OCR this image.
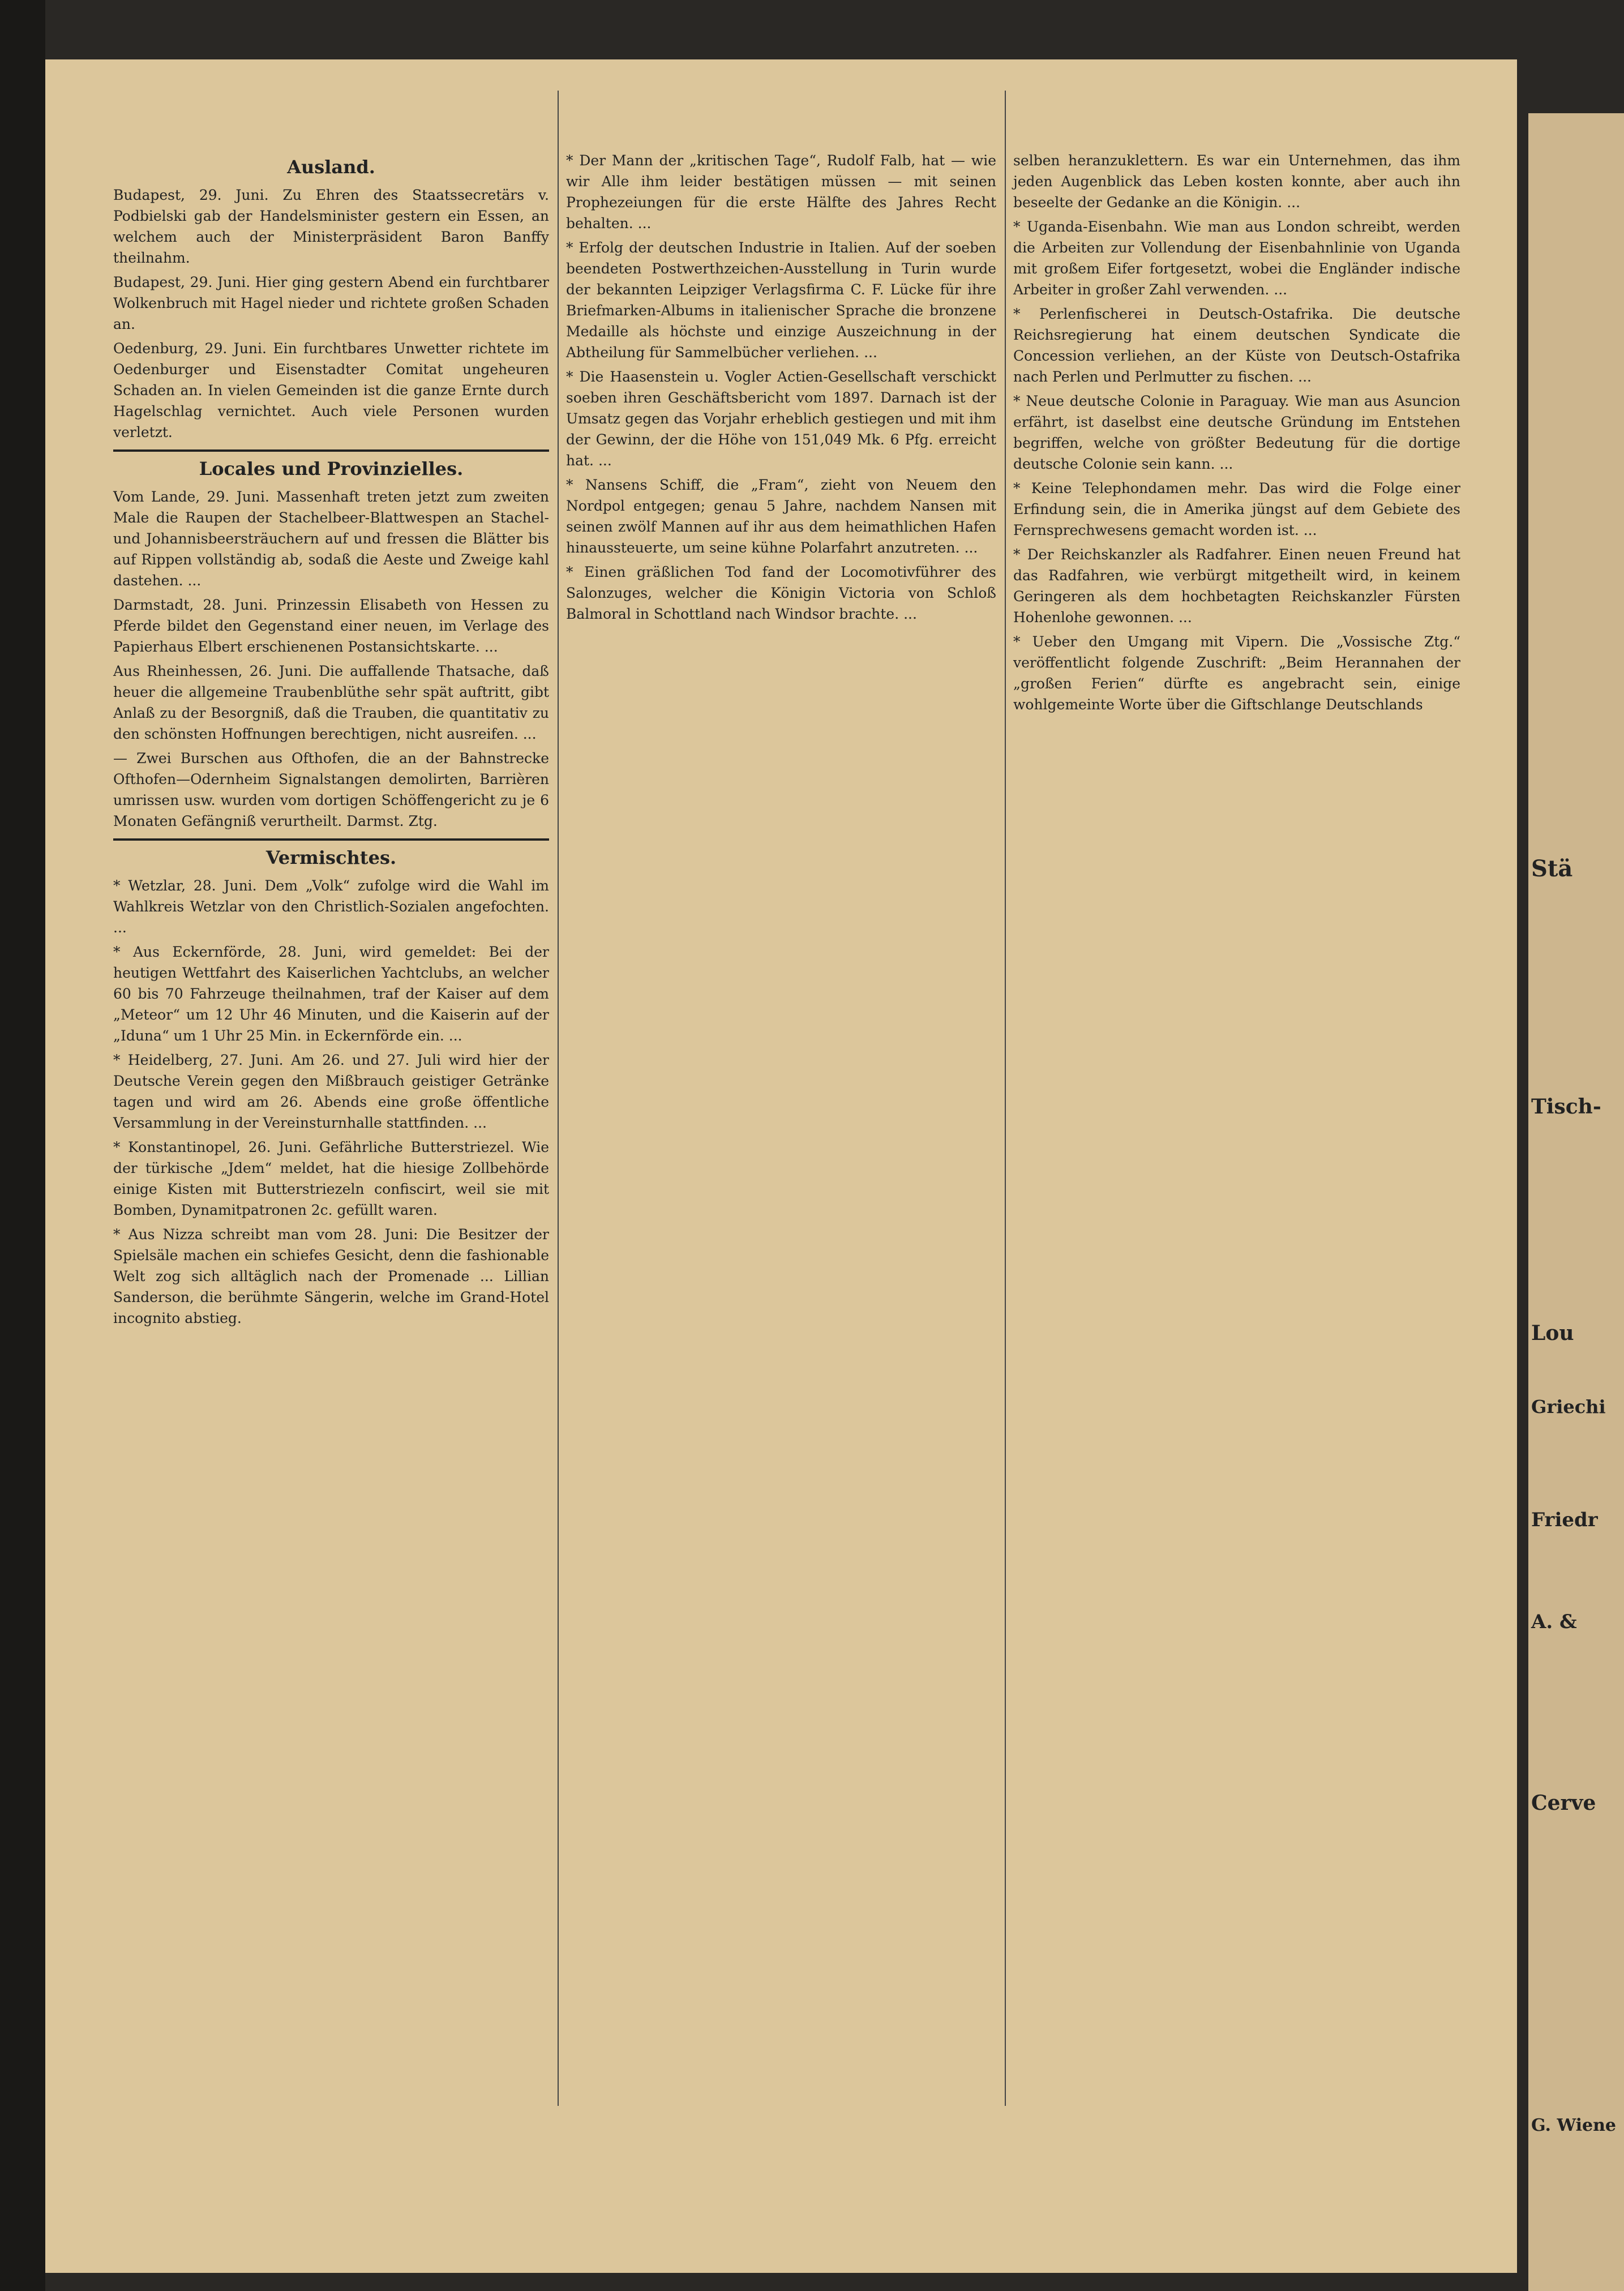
Ausland.

Budapest, 29. Juni. Zu Ehren des Staatssecretärs v. Podbielski gab der Handelsminister gestern ein Essen, an welchem auch der Ministerpräsident Baron Banffy theilnahm.

Budapest, 29. Juni. Hier ging gestern Abend ein furchtbarer Wolkenbruch mit Hagel nieder und richtete großen Schaden an.

Oedenburg, 29. Juni. Ein furchtbares Unwetter richtete im Oedenburger und Eisenstadter Comitat ungeheuren Schaden an. In vielen Gemeinden ist die ganze Ernte durch Hagelschlag vernichtet. Auch viele Personen wurden verletzt.

Locales und Provinzielles.

Vom Lande, 29. Juni. Massenhaft treten jetzt zum zweiten Male die Raupen der Stachelbeer-Blattwespen an Stachel- und Johannisbeersträuchern auf und fressen die Blätter bis auf Rippen vollständig ab, sodaß die Aeste und Zweige kahl dastehen. ...

Darmstadt, 28. Juni. Prinzessin Elisabeth von Hessen zu Pferde bildet den Gegenstand einer neuen, im Verlage des Papierhaus Elbert erschienenen Postansichtskarte. ...

Aus Rheinhessen, 26. Juni. Die auffallende Thatsache, daß heuer die allgemeine Traubenblüthe sehr spät auftritt, gibt Anlaß zu der Besorgniß, daß die Trauben, die quantitativ zu den schönsten Hoffnungen berechtigen, nicht ausreifen. ...

— Zwei Burschen aus Ofthofen, die an der Bahnstrecke Ofthofen—Odernheim Signalstangen demolirten, Barrièren umrissen usw. wurden vom dortigen Schöffengericht zu je 6 Monaten Gefängniß verurtheilt. Darmst. Ztg.

Vermischtes.

* Wetzlar, 28. Juni. Dem „Volk“ zufolge wird die Wahl im Wahlkreis Wetzlar von den Christlich-Sozialen angefochten. ...

* Aus Eckernförde, 28. Juni, wird gemeldet: Bei der heutigen Wettfahrt des Kaiserlichen Yachtclubs, an welcher 60 bis 70 Fahrzeuge theilnahmen, traf der Kaiser auf dem „Meteor“ um 12 Uhr 46 Minuten, und die Kaiserin auf der „Iduna“ um 1 Uhr 25 Min. in Eckernförde ein. ...

* Heidelberg, 27. Juni. Am 26. und 27. Juli wird hier der Deutsche Verein gegen den Mißbrauch geistiger Getränke tagen und wird am 26. Abends eine große öffentliche Versammlung in der Vereinsturnhalle stattfinden. ...

* Konstantinopel, 26. Juni. Gefährliche Butterstriezel. Wie der türkische „Jdem“ meldet, hat die hiesige Zollbehörde einige Kisten mit Butterstriezeln confiscirt, weil sie mit Bomben, Dynamitpatronen 2c. gefüllt waren.

* Aus Nizza schreibt man vom 28. Juni: Die Besitzer der Spielsäle machen ein schiefes Gesicht, denn die fashionable Welt zog sich alltäglich nach der Promenade ... Lillian Sanderson, die berühmte Sängerin, welche im Grand-Hotel incognito abstieg.

* Der Mann der „kritischen Tage“, Rudolf Falb, hat — wie wir Alle ihm leider bestätigen müssen — mit seinen Prophezeiungen für die erste Hälfte des Jahres Recht behalten. ...

* Erfolg der deutschen Industrie in Italien. Auf der soeben beendeten Postwerthzeichen-Ausstellung in Turin wurde der bekannten Leipziger Verlagsfirma C. F. Lücke für ihre Briefmarken-Albums in italienischer Sprache die bronzene Medaille als höchste und einzige Auszeichnung in der Abtheilung für Sammelbücher verliehen. ...

* Die Haasenstein u. Vogler Actien-Gesellschaft verschickt soeben ihren Geschäftsbericht vom 1897. Darnach ist der Umsatz gegen das Vorjahr erheblich gestiegen und mit ihm der Gewinn, der die Höhe von 151,049 Mk. 6 Pfg. erreicht hat. ...

* Nansens Schiff, die „Fram“, zieht von Neuem den Nordpol entgegen; genau 5 Jahre, nachdem Nansen mit seinen zwölf Mannen auf ihr aus dem heimathlichen Hafen hinaussteuerte, um seine kühne Polarfahrt anzutreten. ...

* Einen gräßlichen Tod fand der Locomotivführer des Salonzuges, welcher die Königin Victoria von Schloß Balmoral in Schottland nach Windsor brachte. ...

selben heranzuklettern. Es war ein Unternehmen, das ihm jeden Augenblick das Leben kosten konnte, aber auch ihn beseelte der Gedanke an die Königin. ...

* Uganda-Eisenbahn. Wie man aus London schreibt, werden die Arbeiten zur Vollendung der Eisenbahnlinie von Uganda mit großem Eifer fortgesetzt, wobei die Engländer indische Arbeiter in großer Zahl verwenden. ...

* Perlenfischerei in Deutsch-Ostafrika. Die deutsche Reichsregierung hat einem deutschen Syndicate die Concession verliehen, an der Küste von Deutsch-Ostafrika nach Perlen und Perlmutter zu fischen. ...

* Neue deutsche Colonie in Paraguay. Wie man aus Asuncion erfährt, ist daselbst eine deutsche Gründung im Entstehen begriffen, welche von größter Bedeutung für die dortige deutsche Colonie sein kann. ...

* Keine Telephondamen mehr. Das wird die Folge einer Erfindung sein, die in Amerika jüngst auf dem Gebiete des Fernsprechwesens gemacht worden ist. ...

* Der Reichskanzler als Radfahrer. Einen neuen Freund hat das Radfahren, wie verbürgt mitgetheilt wird, in keinem Geringeren als dem hochbetagten Reichskanzler Fürsten Hohenlohe gewonnen. ...

* Ueber den Umgang mit Vipern. Die „Vossische Ztg.“ veröffentlicht folgende Zuschrift: „Beim Herannahen der „großen Ferien“ dürfte es angebracht sein, einige wohlgemeinte Worte über die Giftschlange Deutschlands

Stä
Tisch-
Lou
Griechi
Friedr
A. &
Cerve
G. Wiene
